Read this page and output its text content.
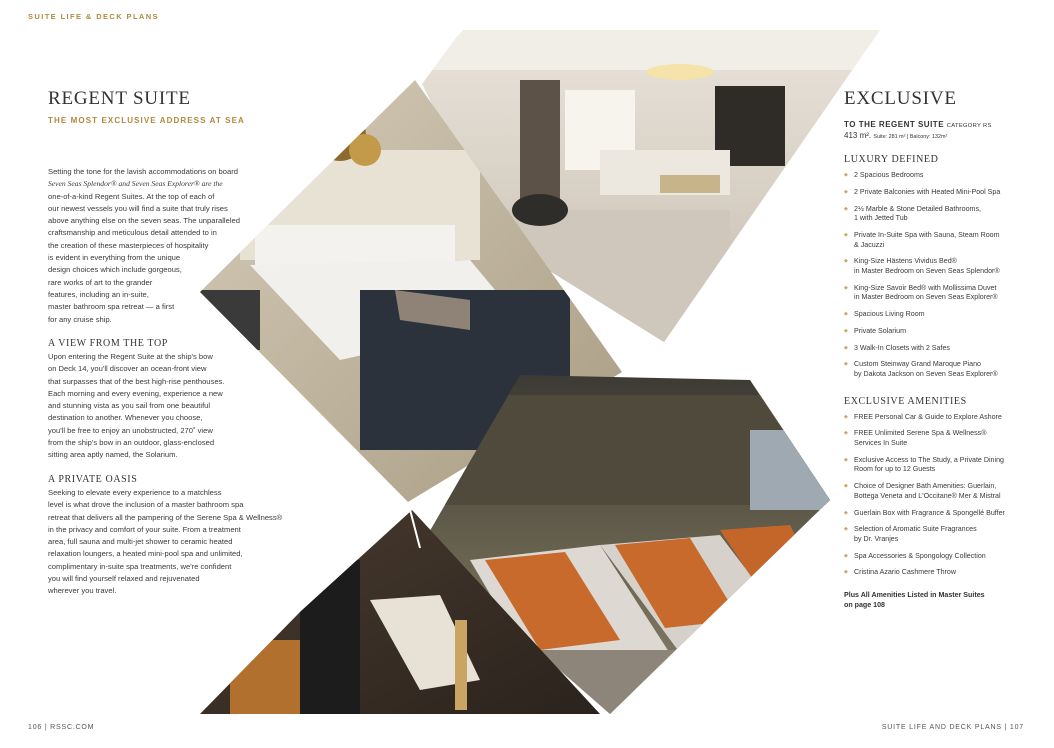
SUITE LIFE & DECK PLANS
REGENT SUITE
THE MOST EXCLUSIVE ADDRESS AT SEA
Setting the tone for the lavish accommodations on board
Seven Seas Splendor® and Seven Seas Explorer® are the
one-of-a-kind Regent Suites. At the top of each of
our newest vessels you will find a suite that truly rises
above anything else on the seven seas. The unparalleled
craftsmanship and meticulous detail attended to in
the creation of these masterpieces of hospitality
is evident in everything from the unique
design choices which include gorgeous,
rare works of art to the grander
features, including an in-suite,
master bathroom spa retreat — a first
for any cruise ship.
A VIEW FROM THE TOP
Upon entering the Regent Suite at the ship's bow
on Deck 14, you'll discover an ocean-front view
that surpasses that of the best high-rise penthouses.
Each morning and every evening, experience a new
and stunning vista as you sail from one beautiful
destination to another. Whenever you choose,
you'll be free to enjoy an unobstructed, 270˚ view
from the ship's bow in an outdoor, glass-enclosed
sitting area aptly named, the Solarium.
A PRIVATE OASIS
Seeking to elevate every experience to a matchless
level is what drove the inclusion of a master bathroom spa
retreat that delivers all the pampering of the Serene Spa & Wellness®
in the privacy and comfort of your suite. From a treatment
area, full sauna and multi-jet shower to ceramic heated
relaxation loungers, a heated mini-pool spa and unlimited,
complimentary in-suite spa treatments, we're confident
you will find yourself relaxed and rejuvenated
wherever you travel.
EXCLUSIVE
TO THE REGENT SUITE CATEGORY RS
413 m². Suite: 281 m² | Balcony: 132m²
LUXURY DEFINED
◆ 2 Spacious Bedrooms
◆ 2 Private Balconies with Heated Mini-Pool Spa
◆ 2½ Marble & Stone Detailed Bathrooms,
1 with Jetted Tub
◆ Private In-Suite Spa with Sauna, Steam Room
& Jacuzzi
◆ King-Size Hästens Vividus Bed®
in Master Bedroom on Seven Seas Splendor®
◆ King-Size Savoir Bed® with Mollissima Duvet
in Master Bedroom on Seven Seas Explorer®
◆ Spacious Living Room
◆ Private Solarium
◆ 3 Walk-In Closets with 2 Safes
◆ Custom Steinway Grand Maroque Piano
by Dakota Jackson on Seven Seas Explorer®
EXCLUSIVE AMENITIES
◆ FREE Personal Car & Guide to Explore Ashore
◆ FREE Unlimited Serene Spa & Wellness®
Services In Suite
◆ Exclusive Access to The Study, a Private Dining
Room for up to 12 Guests
◆ Choice of Designer Bath Amenities: Guerlain,
Bottega Veneta and L'Occitane® Mer & Mistral
◆ Guerlain Box with Fragrance & Spongellé Buffer
◆ Selection of Aromatic Suite Fragrances
by Dr. Vranjes
◆ Spa Accessories & Spongology Collection
◆ Cristina Azario Cashmere Throw
Plus All Amenities Listed in Master Suites
on page 108
106 | RSSC.COM	SUITE LIFE AND DECK PLANS | 107
